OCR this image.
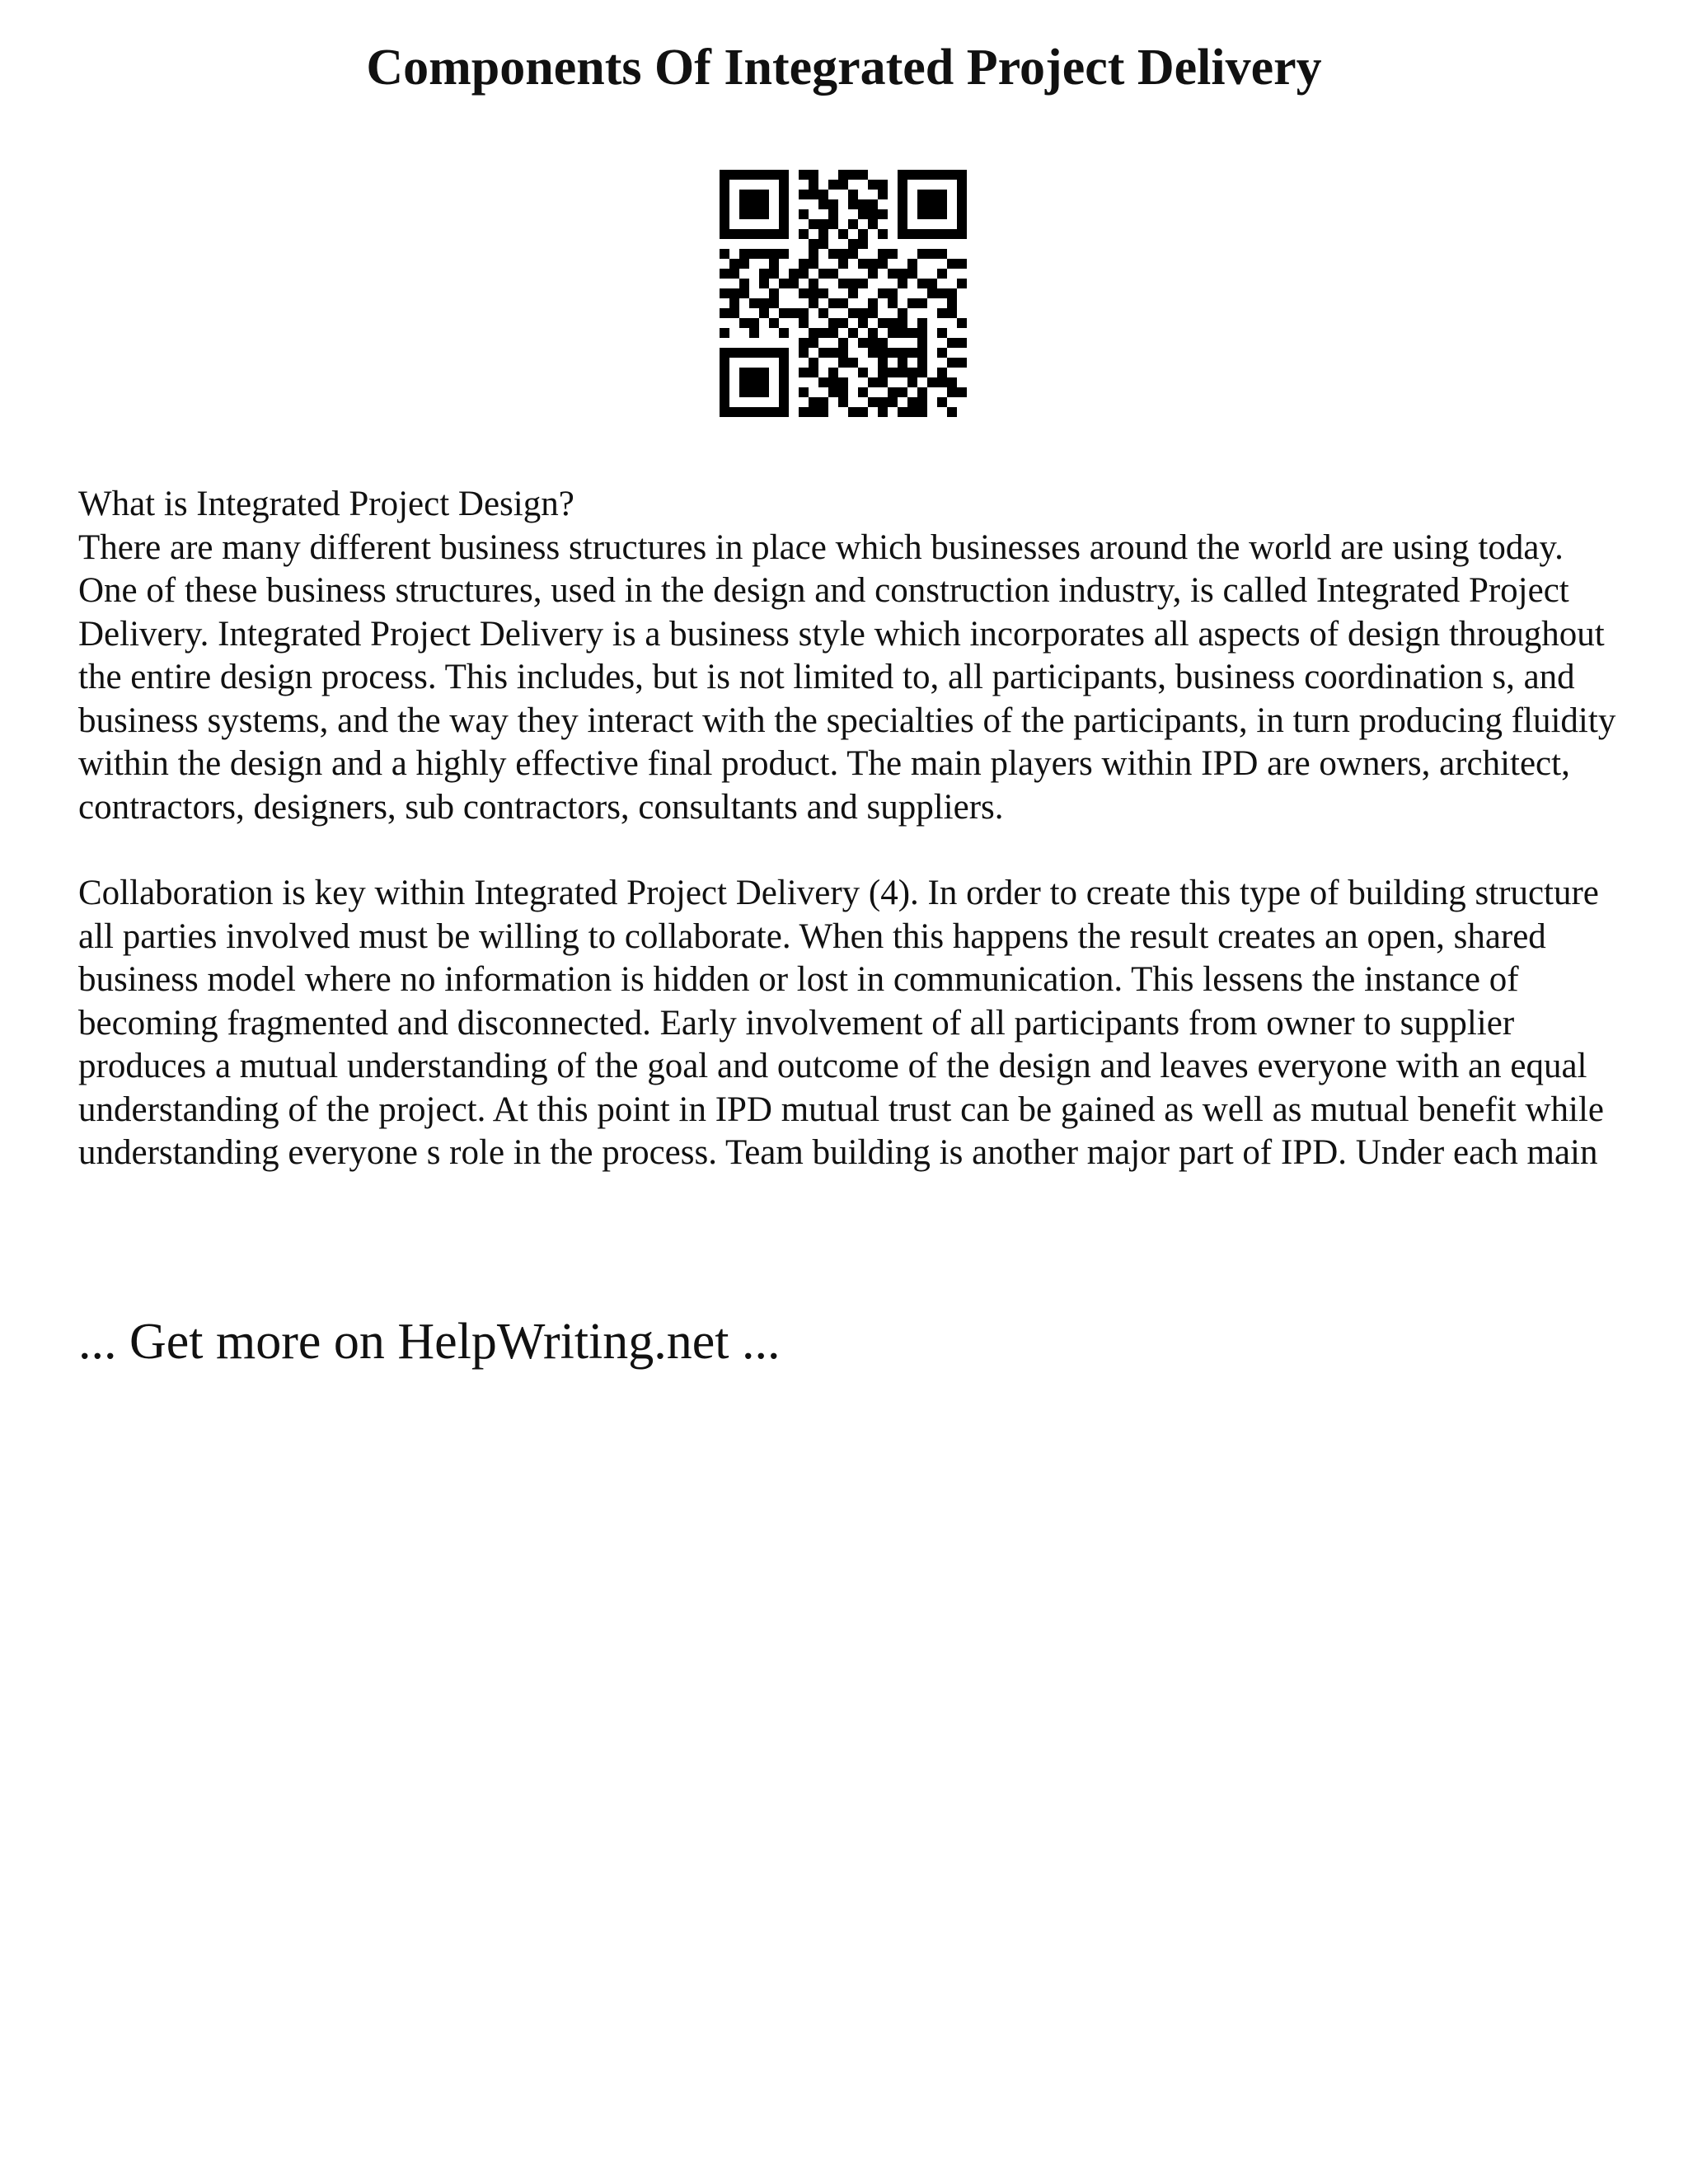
Components Of Integrated Project Delivery

What is Integrated Project Design?

There are many different business structures in place which businesses around the world are using today. One of these business structures, used in the design and construction industry, is called Integrated Project Delivery. Integrated Project Delivery is a business style which incorporates all aspects of design throughout the entire design process. This includes, but is not limited to, all participants, business coordination s, and business systems, and the way they interact with the specialties of the participants, in turn producing fluidity within the design and a highly effective final product. The main players within IPD are owners, architect, contractors, designers, sub contractors, consultants and suppliers.

Collaboration is key within Integrated Project Delivery (4). In order to create this type of building structure all parties involved must be willing to collaborate. When this happens the result creates an open, shared business model where no information is hidden or lost in communication. This lessens the instance of becoming fragmented and disconnected. Early involvement of all participants from owner to supplier produces a mutual understanding of the goal and outcome of the design and leaves everyone with an equal understanding of the project. At this point in IPD mutual trust can be gained as well as mutual benefit while understanding everyone s role in the process. Team building is another major part of IPD. Under each main

... Get more on HelpWriting.net ...
